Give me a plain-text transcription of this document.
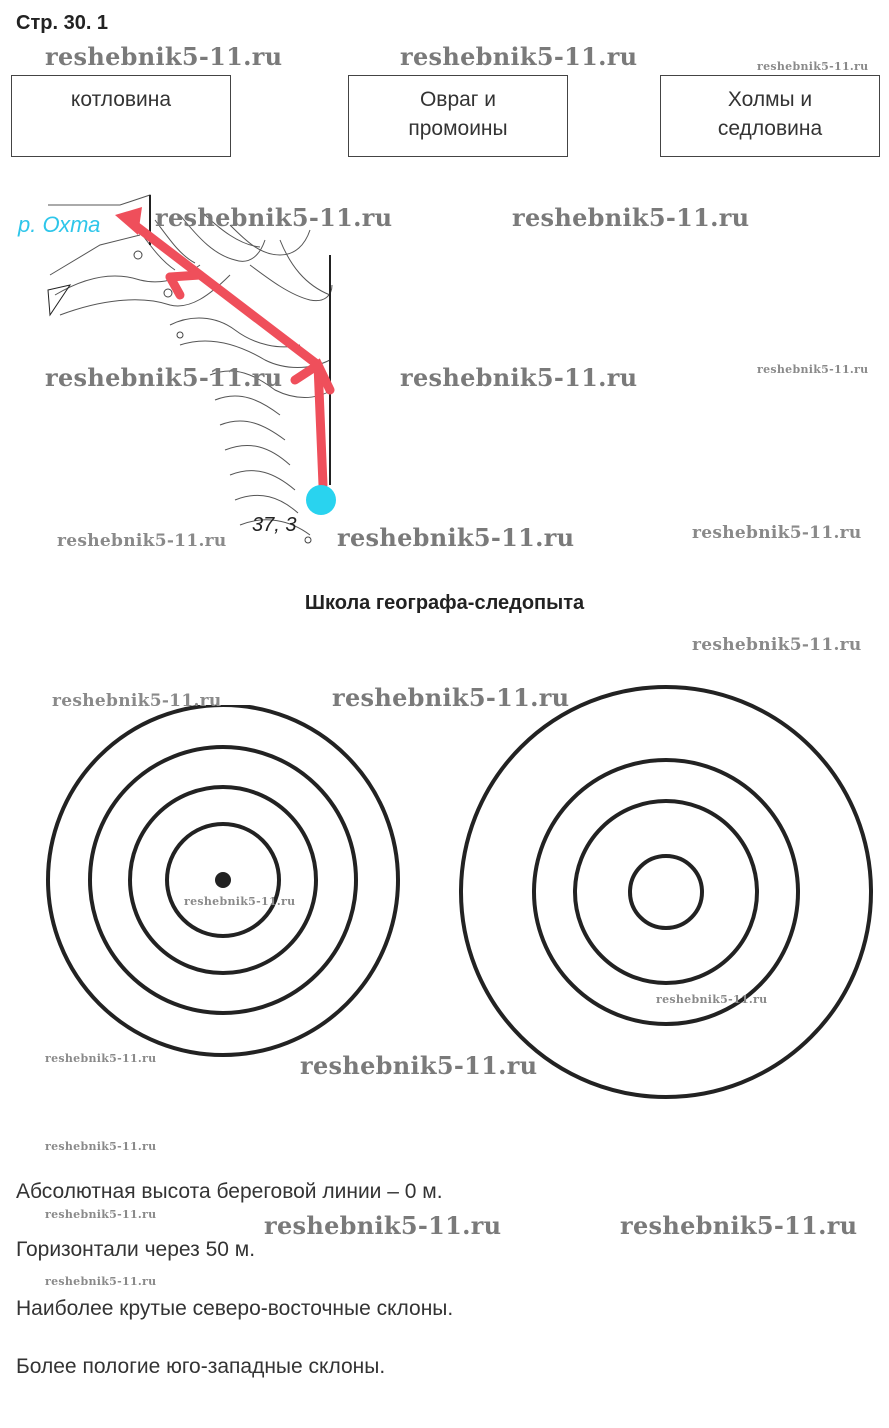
Стр. 30. 1
котловина	Овраг и
промоины
Холмы и
седловина
р. Охта
37, 3
Школа географа-следопыта
Абсолютная высота береговой линии – 0 м.
Горизонтали через 50 м.
Наиболее крутые северо-восточные склоны.
Более пологие юго-западные склоны.
reshebnik5-11.ru	reshebnik5-11.ru	reshebnik5-11.ru
reshebnik5-11.ru	reshebnik5-11.ru
reshebnik5-11.ru	reshebnik5-11.ru	reshebnik5-11.ru
reshebnik5-11.ru	reshebnik5-11.ru	reshebnik5-11.ru
reshebnik5-11.ru
reshebnik5-11.ru	reshebnik5-11.ru
reshebnik5-11.ru
reshebnik5-11.ru
reshebnik5-11.ru	reshebnik5-11.ru
reshebnik5-11.ru
reshebnik5-11.ru	reshebnik5-11.ru	reshebnik5-11.ru
reshebnik5-11.ru
